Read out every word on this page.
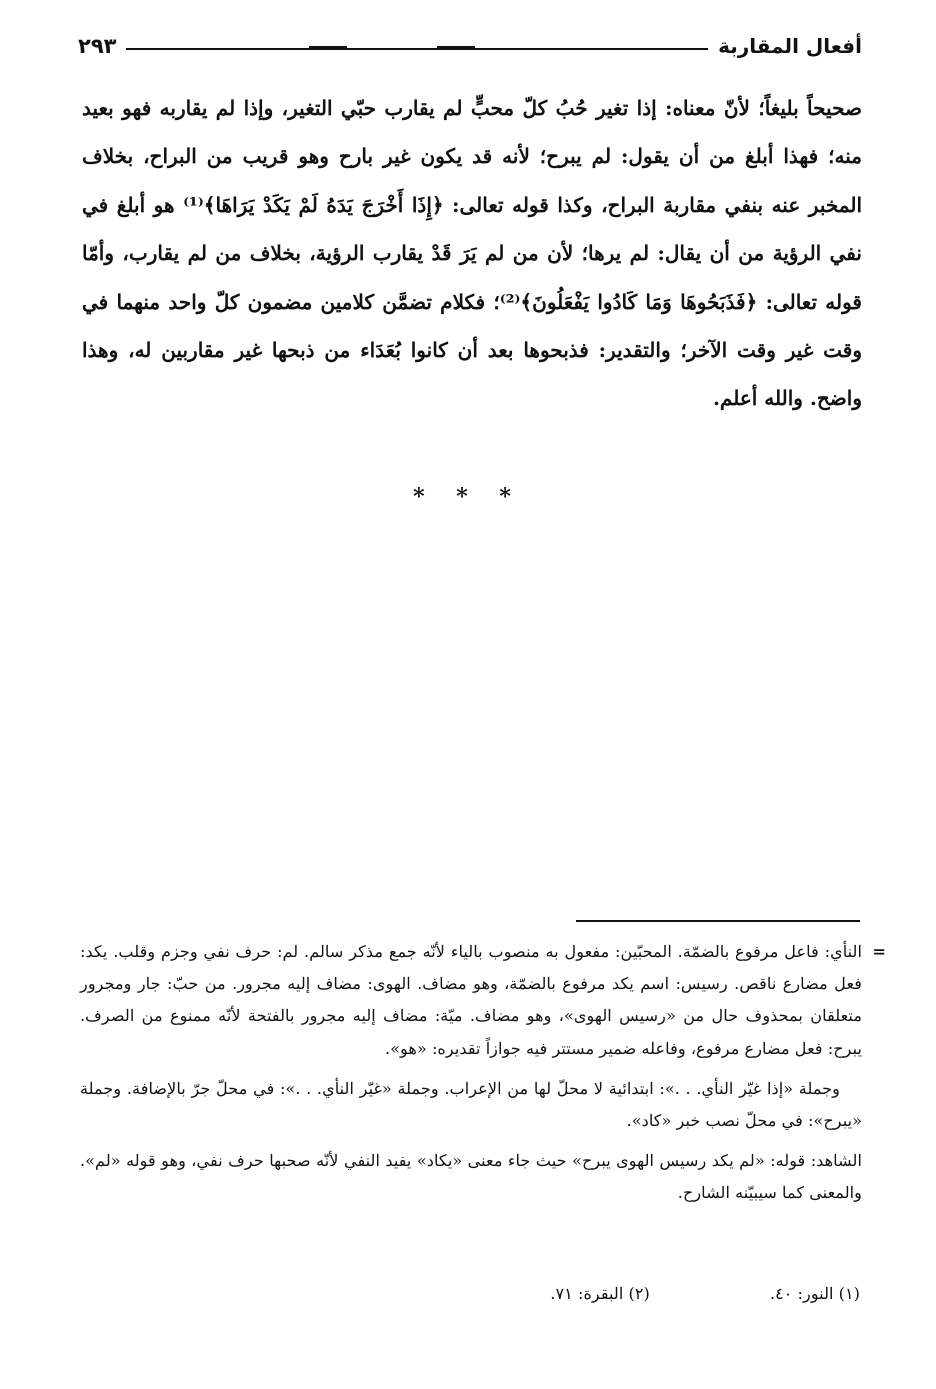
أفعال المقاربة
٢٩٣

صحيحاً بليغاً؛ لأنّ معناه: إذا تغير حُبُ كلّ محبٍّ لم يقارب حبّي التغير، وإذا لم يقاربه فهو بعيد منه؛ فهذا أبلغ من أن يقول: لم يبرح؛ لأنه قد يكون غير بارح وهو قريب من البراح، بخلاف المخبر عنه بنفي مقاربة البراح، وكذا قوله تعالى: ﴿إِذَا أَخْرَجَ يَدَهُ لَمْ يَكَدْ يَرَاهَا﴾⁽¹⁾ هو أبلغ في نفي الرؤية من أن يقال: لم يرها؛ لأن من لم يَرَ قَدْ يقارب الرؤية، بخلاف من لم يقارب، وأمّا قوله تعالى: ﴿فَذَبَحُوهَا وَمَا كَادُوا يَفْعَلُونَ﴾⁽²⁾؛ فكلام تضمَّن كلامين مضمون كلّ واحد منهما في وقت غير وقت الآخر؛ والتقدير: فذبحوها بعد أن كانوا بُعَدَاء من ذبحها غير مقاربين له، وهذا واضح. والله أعلم.

* * *

=
النأي: فاعل مرفوع بالضمّة. المحبّين: مفعول به منصوب بالياء لأنّه جمع مذكر سالم. لم: حرف نفي وجزم وقلب. يكد: فعل مضارع ناقص. رسيس: اسم يكد مرفوع بالضمّة، وهو مضاف. الهوى: مضاف إليه مجرور. من حبّ: جار ومجرور متعلقان بمحذوف حال من «رسيس الهوى»، وهو مضاف. ميّة: مضاف إليه مجرور بالفتحة لأنّه ممنوع من الصرف. يبرح: فعل مضارع مرفوع، وفاعله ضمير مستتر فيه جوازاً تقديره: «هو».

وجملة «إذا غيّر النأي. . .»: ابتدائية لا محلّ لها من الإعراب. وجملة «غيّر النأي. . .»: في محلّ جرّ بالإضافة. وجملة «يبرح»: في محلّ نصب خبر «كاد».

الشاهد: قوله: «لم يكد رسيس الهوى يبرح» حيث جاء معنى «يكاد» يفيد النفي لأنّه صحبها حرف نفي، وهو قوله «لم». والمعنى كما سيبيّنه الشارح.

(١) النور: ٤٠.
(٢) البقرة: ٧١.
